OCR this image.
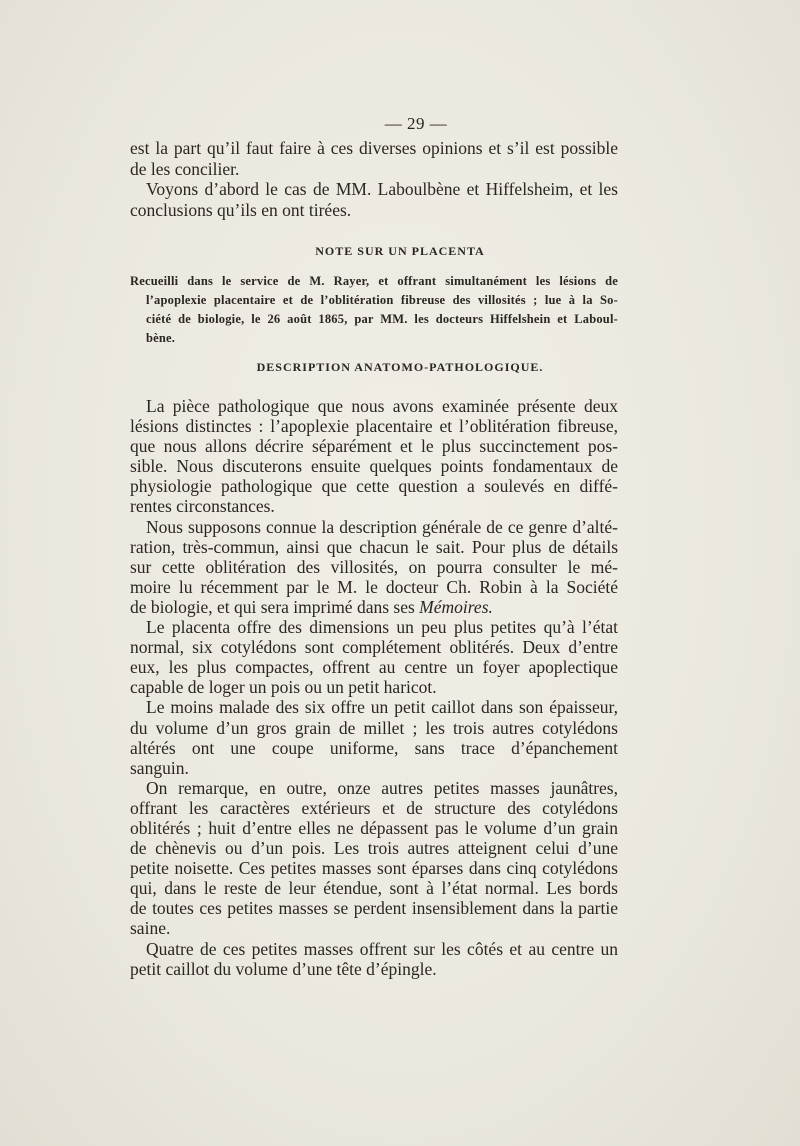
— 29 —

est la part qu’il faut faire à ces diverses opinions et s’il est possible
de les concilier.

Voyons d’abord le cas de MM. Laboulbène et Hiffelsheim, et les
conclusions qu’ils en ont tirées.

NOTE SUR UN PLACENTA

Recueilli dans le service de M. Rayer, et offrant simultanément les lésions de
l’apoplexie placentaire et de l’oblitération fibreuse des villosités ; lue à la So-
ciété de biologie, le 26 août 1865, par MM. les docteurs Hiffelshein et Laboul-
bène.

DESCRIPTION ANATOMO-PATHOLOGIQUE.

La pièce pathologique que nous avons examinée présente deux
lésions distinctes : l’apoplexie placentaire et l’oblitération fibreuse,
que nous allons décrire séparément et le plus succinctement pos-
sible. Nous discuterons ensuite quelques points fondamentaux de
physiologie pathologique que cette question a soulevés en diffé-
rentes circonstances.

Nous supposons connue la description générale de ce genre d’alté-
ration, très-commun, ainsi que chacun le sait. Pour plus de détails
sur cette oblitération des villosités, on pourra consulter le mé-
moire lu récemment par le M. le docteur Ch. Robin à la Société
de biologie, et qui sera imprimé dans ses Mémoires.

Le placenta offre des dimensions un peu plus petites qu’à l’état
normal, six cotylédons sont complétement oblitérés. Deux d’entre
eux, les plus compactes, offrent au centre un foyer apoplectique
capable de loger un pois ou un petit haricot.

Le moins malade des six offre un petit caillot dans son épaisseur,
du volume d’un gros grain de millet ; les trois autres cotylédons
altérés ont une coupe uniforme, sans trace d’épanchement
sanguin.

On remarque, en outre, onze autres petites masses jaunâtres,
offrant les caractères extérieurs et de structure des cotylédons
oblitérés ; huit d’entre elles ne dépassent pas le volume d’un grain
de chènevis ou d’un pois. Les trois autres atteignent celui d’une
petite noisette. Ces petites masses sont éparses dans cinq cotylédons
qui, dans le reste de leur étendue, sont à l’état normal. Les bords
de toutes ces petites masses se perdent insensiblement dans la partie
saine.

Quatre de ces petites masses offrent sur les côtés et au centre un
petit caillot du volume d’une tête d’épingle.
